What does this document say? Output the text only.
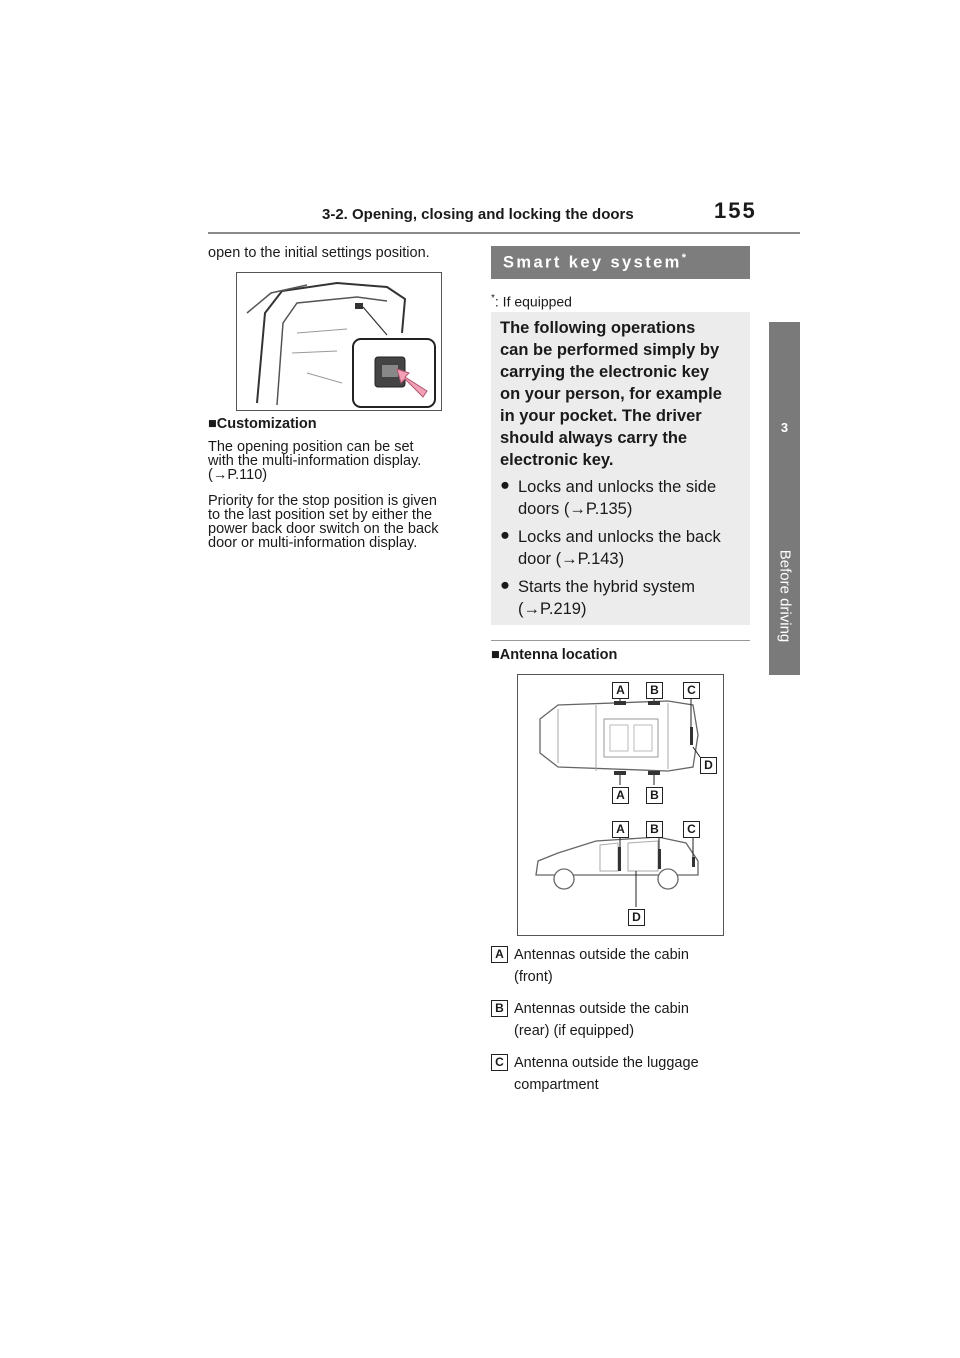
3-2. Opening, closing and locking the doors	155
3
Before driving
open to the initial settings position.
■Customization
The opening position can be set
with the multi-information display.
(→P.110)
Priority for the stop position is given
to the last position set by either the
power back door switch on the back
door or multi-information display.
Smart key system*
*: If equipped
The following operations
can be performed simply by
carrying the electronic key
on your person, for example
in your pocket. The driver
should always carry the
electronic key.
● Locks and unlocks the side
doors (→P.135)
● Locks and unlocks the back
door (→P.143)
● Starts the hybrid system
(→P.219)
■Antenna location
A	B	C
D
A	B
A	B	C
D
A Antennas outside the cabin
(front)
B Antennas outside the cabin
(rear) (if equipped)
C Antenna outside the luggage
compartment
